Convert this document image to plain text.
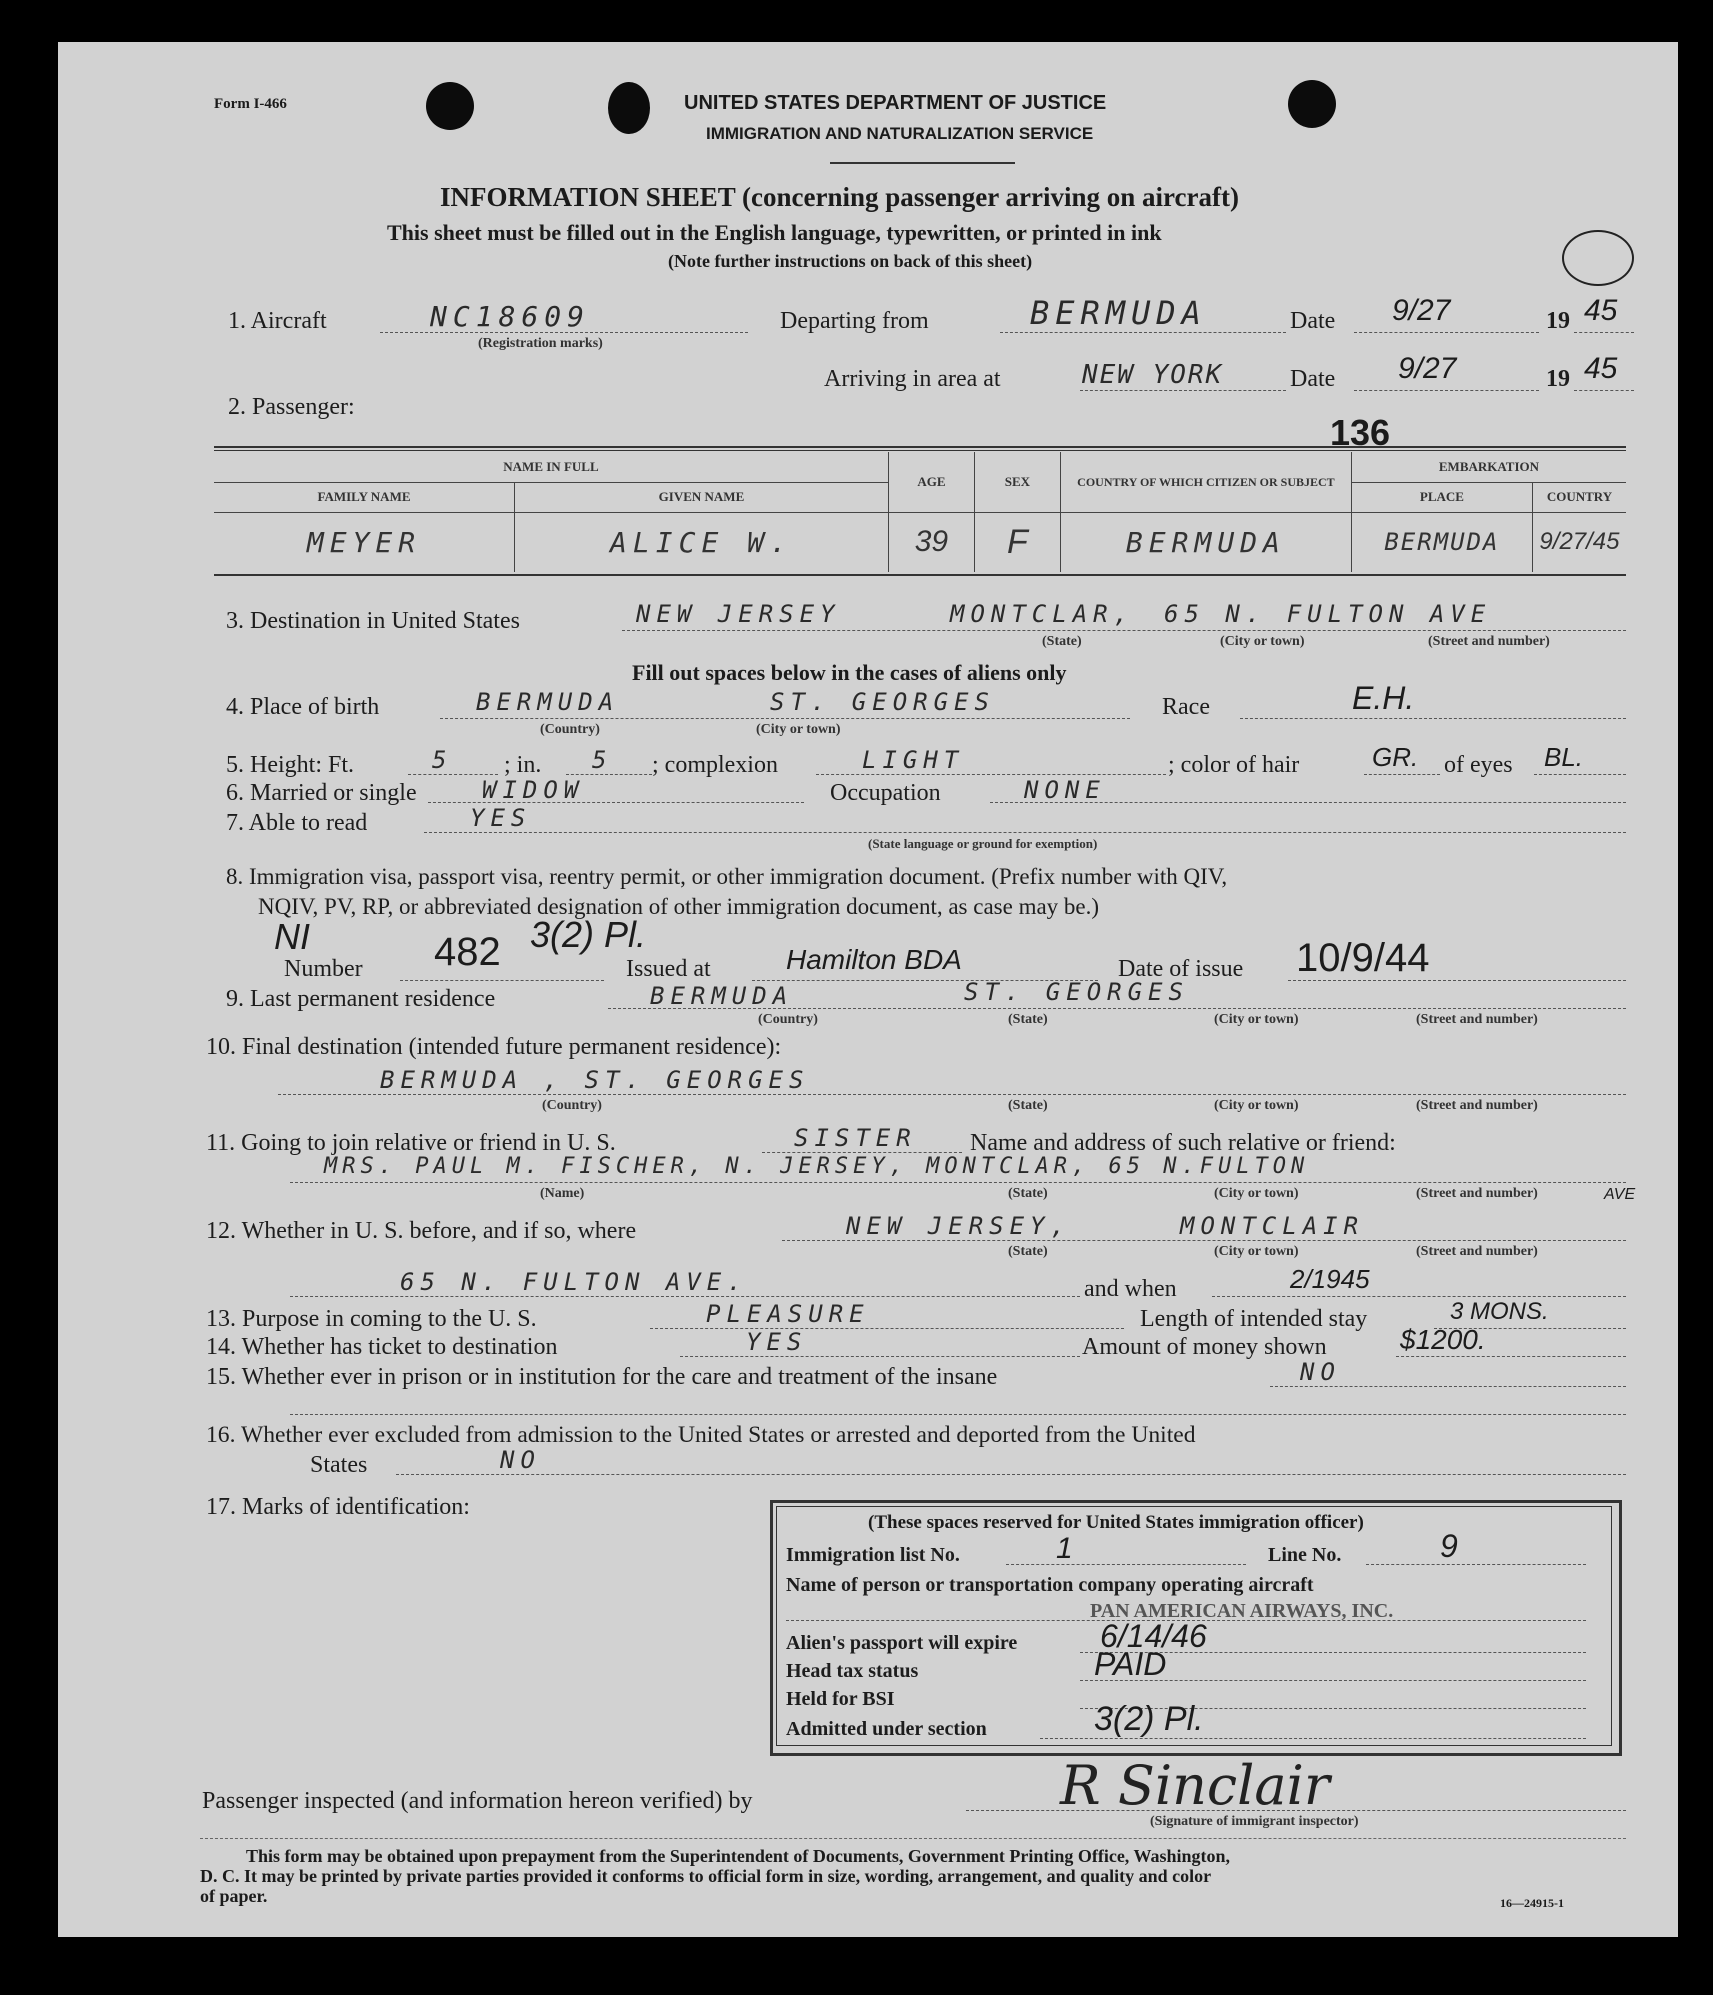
Form I-466	UNITED STATES DEPARTMENT OF JUSTICE
IMMIGRATION AND NATURALIZATION SERVICE
INFORMATION SHEET (concerning passenger arriving on aircraft)
This sheet must be filled out in the English language, typewritten, or printed in ink
(Note further instructions on back of this sheet)
1. Aircraft	NC18609
(Registration marks)
Departing from	BERMUDA	Date 9/27	19 45
Arriving in area at	NEW YORK	Date 9/27	19 45
2. Passenger:
136
NAME IN FULL		AGE	SEX	COUNTRY OF WHICH CITIZEN OR SUBJECT	EMBARKATION	
FAMILY NAME	GIVEN NAME				PLACE	COUNTRY
MEYER	ALICE W.	39	F	BERMUDA	BERMUDA	9/27/45
3. Destination in United States	NEW JERSEY	MONTCLAR, 65 N. FULTON AVE
(State)	(City or town)	(Street and number)
Fill out spaces below in the cases of aliens only
4. Place of birth	BERMUDA	ST. GEORGES
(Country)	(City or town)
Race	E.H.
5. Height: Ft.	5 ; in. 5 ; complexion	LIGHT	; color of hair	GR. of eyes BL.
6. Married or single	WIDOW	Occupation	NONE
7. Able to read	YES
(State language or ground for exemption)
8. Immigration visa, passport visa, reentry permit, or other immigration document. (Prefix number with QIV,
NQIV, PV, RP, or abbreviated designation of other immigration document, as case may be.)
NI
Number 482 3(2) Pl.
Issued at	Hamilton BDA	Date of issue 10/9/44
9. Last permanent residence	BERMUDA	ST. GEORGES
(Country)	(State)	(City or town)	(Street and number)
10. Final destination (intended future permanent residence):
BERMUDA , ST. GEORGES
(Country)	(State)	(City or town)	(Street and number)
11. Going to join relative or friend in U. S.	SISTER Name and address of such relative or friend:
MRS. PAUL M. FISCHER, N. JERSEY, MONTCLAR, 65 N.FULTON
AVE
(Name)	(State)	(City or town)	(Street and number)
12. Whether in U. S. before, and if so, where	NEW JERSEY,	MONTCLAIR
(State)	(City or town)	(Street and number)
65 N. FULTON AVE.	and when	2/1945
13. Purpose in coming to the U. S.	PLEASURE	Length of intended stay	3 MONS.
14. Whether has ticket to destination	YES	Amount of money shown	$1200.
15. Whether ever in prison or in institution for the care and treatment of the insane	NO
16. Whether ever excluded from admission to the United States or arrested and deported from the United
States	NO
17. Marks of identification:
(These spaces reserved for United States immigration officer)
Immigration list No.	1	Line No.	9
Name of person or transportation company operating aircraft
PAN AMERICAN AIRWAYS, INC.
Alien's passport will expire	6/14/46
Head tax status	PAID
Held for BSI
Admitted under section	3(2) Pl.
Passenger inspected (and information hereon verified) by	R Sinclair
(Signature of immigrant inspector)
This form may be obtained upon prepayment from the Superintendent of Documents, Government Printing Office, Washington,
D. C. It may be printed by private parties provided it conforms to official form in size, wording, arrangement, and quality and color
of paper.	16—24915-1
